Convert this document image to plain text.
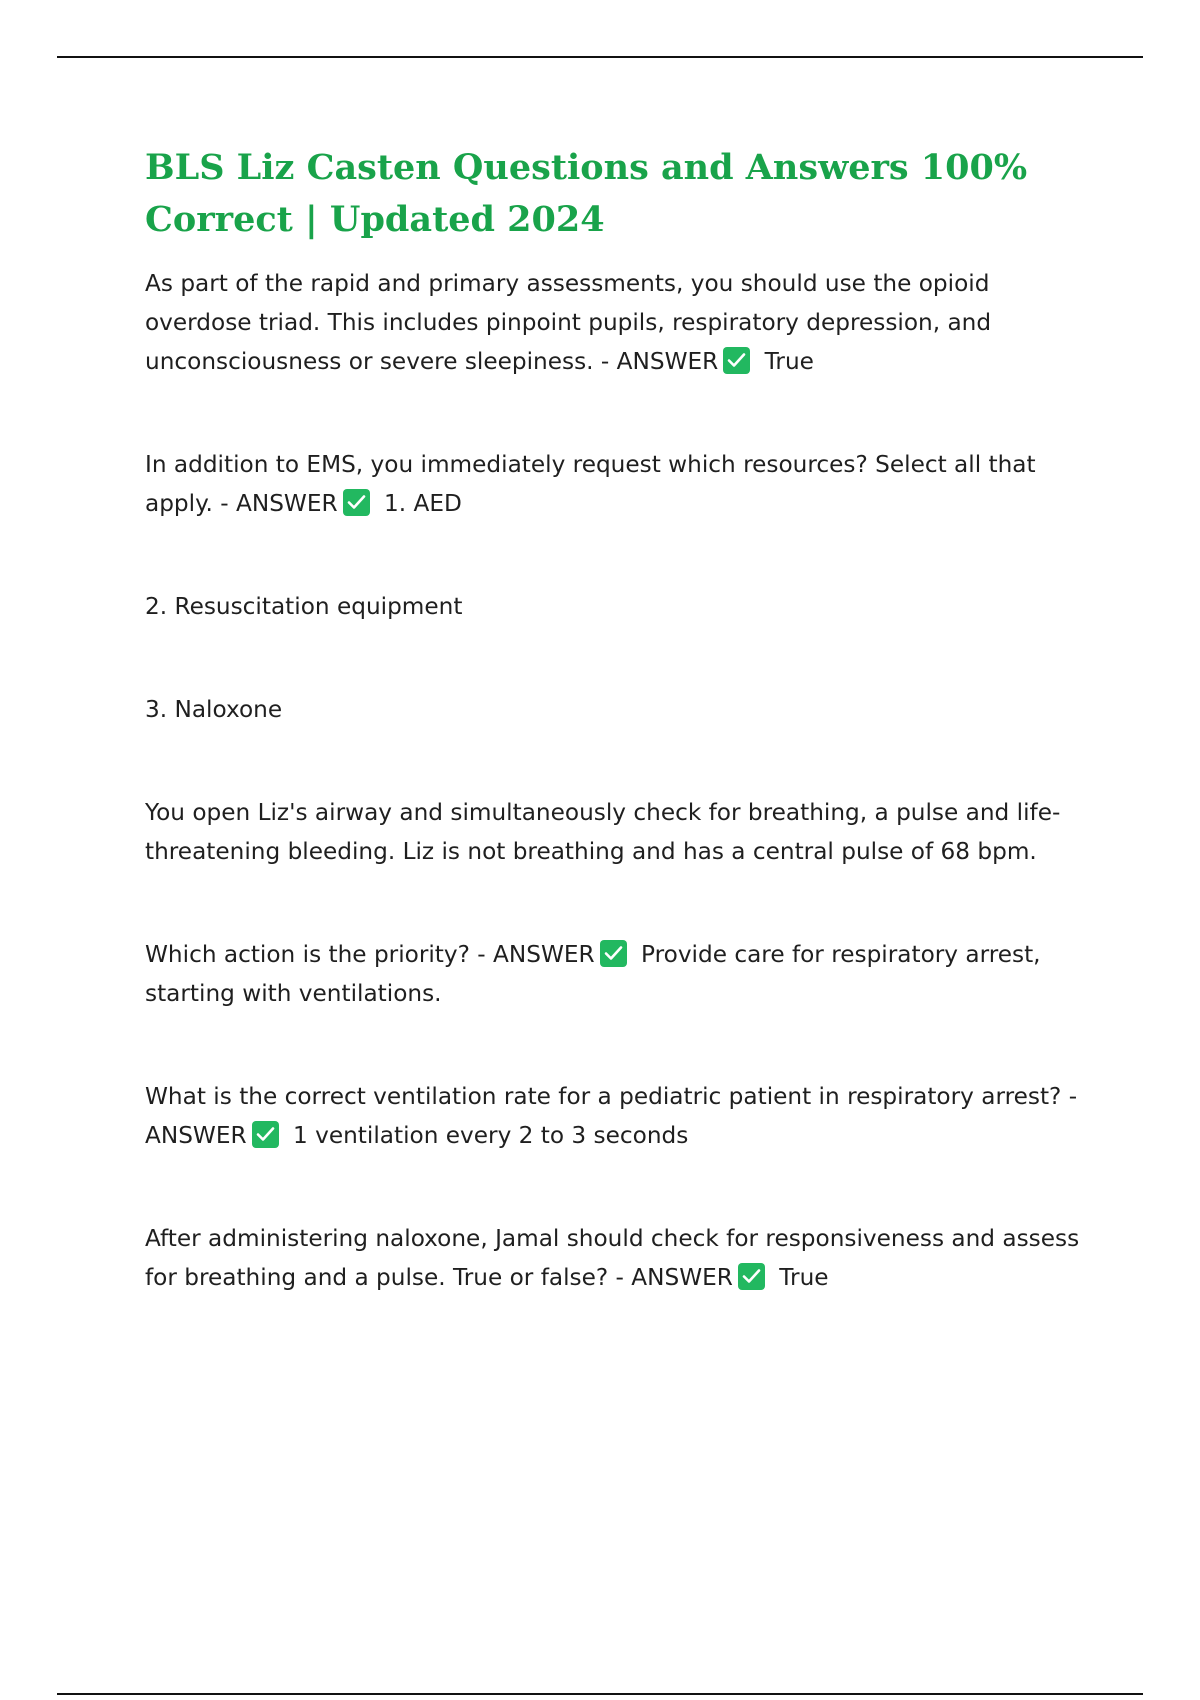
BLS Liz Casten Questions and Answers 100% Correct | Updated 2024

As part of the rapid and primary assessments, you should use the opioid overdose triad. This includes pinpoint pupils, respiratory depression, and unconsciousness or severe sleepiness. - ANSWER True

In addition to EMS, you immediately request which resources? Select all that apply. - ANSWER 1. AED

2. Resuscitation equipment

3. Naloxone

You open Liz's airway and simultaneously check for breathing, a pulse and life-threatening bleeding. Liz is not breathing and has a central pulse of 68 bpm.

Which action is the priority? - ANSWER Provide care for respiratory arrest, starting with ventilations.

What is the correct ventilation rate for a pediatric patient in respiratory arrest? - ANSWER 1 ventilation every 2 to 3 seconds

After administering naloxone, Jamal should check for responsiveness and assess for breathing and a pulse. True or false? - ANSWER True
